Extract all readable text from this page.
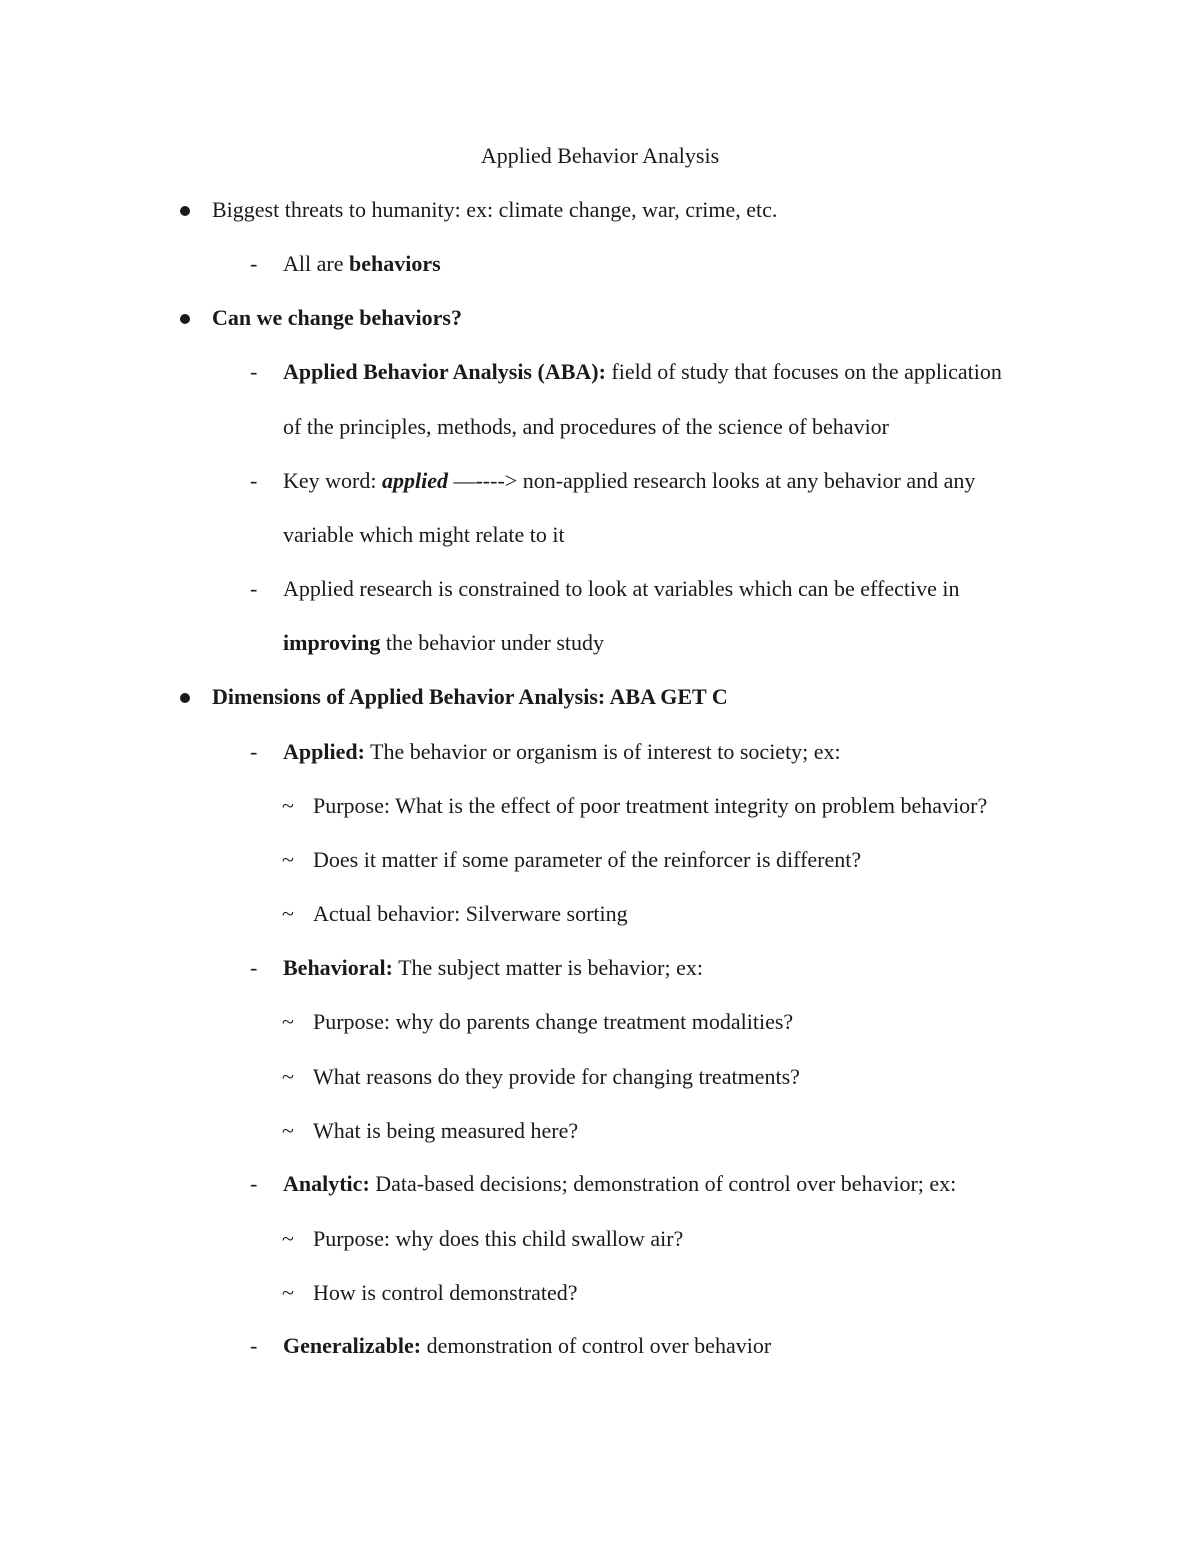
Applied Behavior Analysis
Biggest threats to humanity: ex: climate change, war, crime, etc.
- All are behaviors
Can we change behaviors?
- Applied Behavior Analysis (ABA): field of study that focuses on the application
of the principles, methods, and procedures of the science of behavior
- Key word: applied —----> non-applied research looks at any behavior and any
variable which might relate to it
- Applied research is constrained to look at variables which can be effective in
improving the behavior under study
Dimensions of Applied Behavior Analysis: ABA GET C
- Applied: The behavior or organism is of interest to society; ex:
~ Purpose: What is the effect of poor treatment integrity on problem behavior?
~ Does it matter if some parameter of the reinforcer is different?
~ Actual behavior: Silverware sorting
- Behavioral: The subject matter is behavior; ex:
~ Purpose: why do parents change treatment modalities?
~ What reasons do they provide for changing treatments?
~ What is being measured here?
- Analytic: Data-based decisions; demonstration of control over behavior; ex:
~ Purpose: why does this child swallow air?
~ How is control demonstrated?
- Generalizable: demonstration of control over behavior
